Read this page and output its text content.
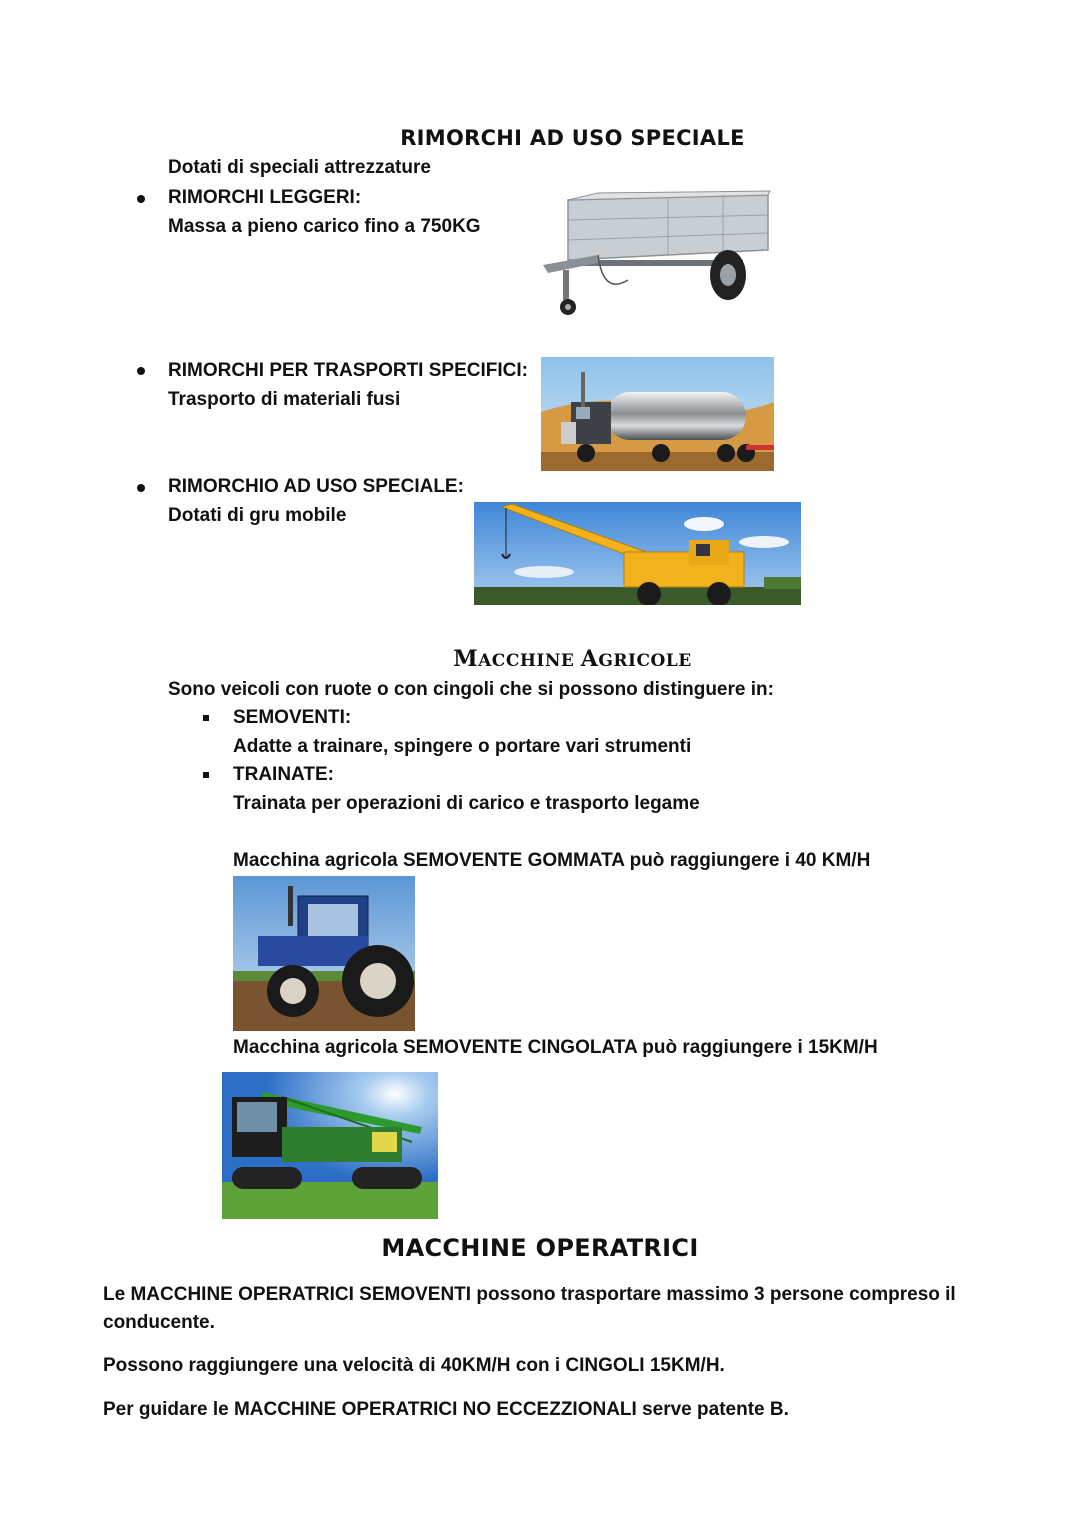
RIMORCHI AD USO SPECIALE
Dotati di speciali attrezzature
RIMORCHI LEGGERI:
Massa a pieno carico fino a 750KG
RIMORCHI PER TRASPORTI SPECIFICI:
Trasporto di materiali fusi
RIMORCHIO AD USO SPECIALE:
Dotati di gru mobile
MACCHINE AGRICOLE
Sono veicoli con ruote o con cingoli che si possono distinguere in:
SEMOVENTI:
Adatte a trainare, spingere o portare vari strumenti
TRAINATE:
Trainata per operazioni di carico e trasporto legame
Macchina agricola SEMOVENTE GOMMATA può raggiungere i 40 KM/H
Macchina agricola SEMOVENTE CINGOLATA può raggiungere i 15KM/H
MACCHINE OPERATRICI
Le MACCHINE OPERATRICI SEMOVENTI possono trasportare massimo 3 persone compreso il conducente.
Possono raggiungere una velocità di 40KM/H con i CINGOLI 15KM/H.
Per guidare le MACCHINE OPERATRICI NO ECCEZZIONALI serve patente B.
